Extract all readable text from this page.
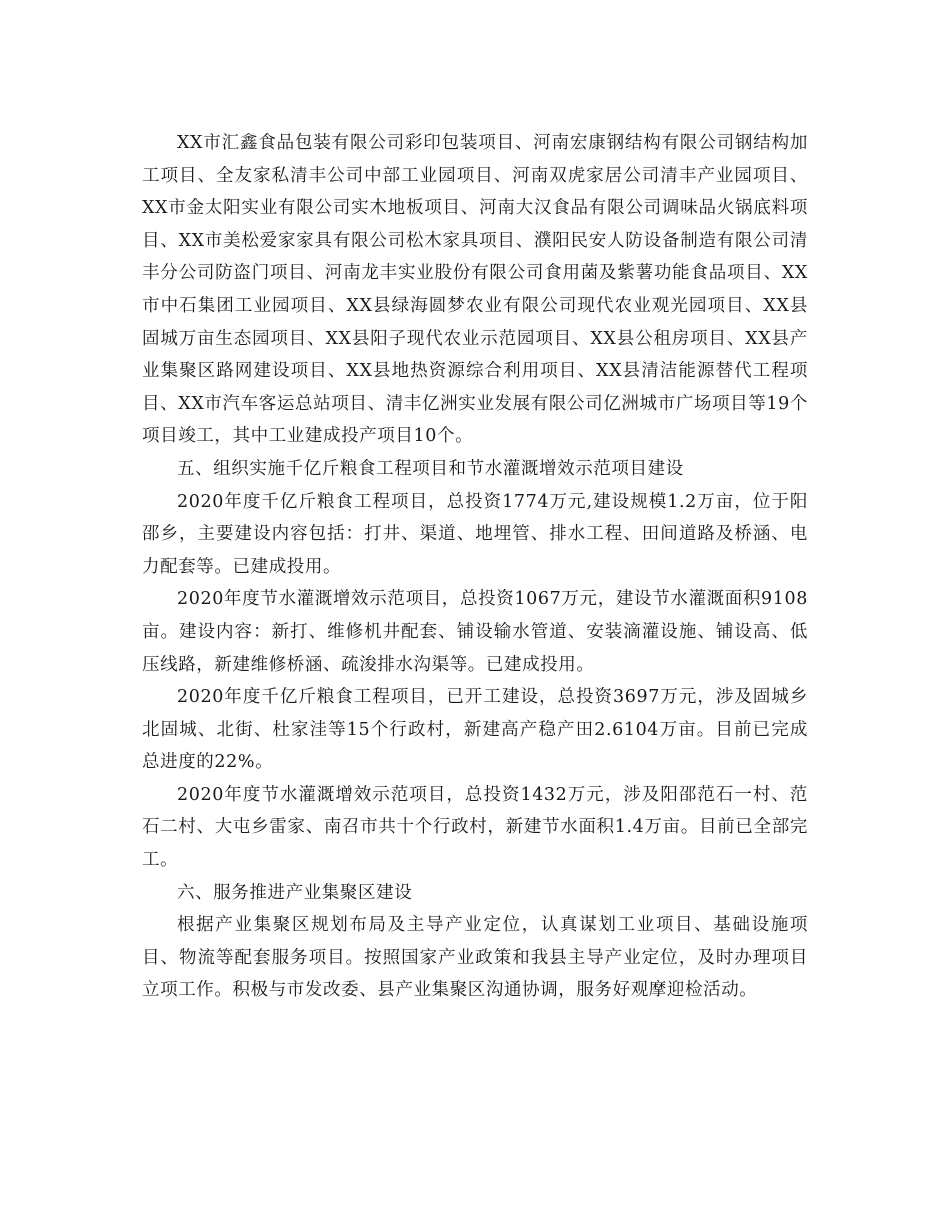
XX市汇鑫食品包装有限公司彩印包装项目、河南宏康钢结构有限公司钢结构加工项目、全友家私清丰公司中部工业园项目、河南双虎家居公司清丰产业园项目、XX市金太阳实业有限公司实木地板项目、河南大汉食品有限公司调味品火锅底料项目、XX市美松爱家家具有限公司松木家具项目、濮阳民安人防设备制造有限公司清丰分公司防盗门项目、河南龙丰实业股份有限公司食用菌及紫薯功能食品项目、XX市中石集团工业园项目、XX县绿海圆梦农业有限公司现代农业观光园项目、XX县固城万亩生态园项目、XX县阳子现代农业示范园项目、XX县公租房项目、XX县产业集聚区路网建设项目、XX县地热资源综合利用项目、XX县清洁能源替代工程项目、XX市汽车客运总站项目、清丰亿洲实业发展有限公司亿洲城市广场项目等19个项目竣工，其中工业建成投产项目10个。

五、组织实施千亿斤粮食工程项目和节水灌溉增效示范项目建设

2020年度千亿斤粮食工程项目，总投资1774万元,建设规模1.2万亩，位于阳邵乡，主要建设内容包括：打井、渠道、地埋管、排水工程、田间道路及桥涵、电力配套等。已建成投用。

2020年度节水灌溉增效示范项目，总投资1067万元，建设节水灌溉面积9108亩。建设内容：新打、维修机井配套、铺设输水管道、安装滴灌设施、铺设高、低压线路，新建维修桥涵、疏浚排水沟渠等。已建成投用。

2020年度千亿斤粮食工程项目，已开工建设，总投资3697万元，涉及固城乡北固城、北街、杜家洼等15个行政村，新建高产稳产田2.6104万亩。目前已完成总进度的22%。

2020年度节水灌溉增效示范项目，总投资1432万元，涉及阳邵范石一村、范石二村、大屯乡雷家、南召市共十个行政村，新建节水面积1.4万亩。目前已全部完工。

六、服务推进产业集聚区建设

根据产业集聚区规划布局及主导产业定位，认真谋划工业项目、基础设施项目、物流等配套服务项目。按照国家产业政策和我县主导产业定位，及时办理项目立项工作。积极与市发改委、县产业集聚区沟通协调，服务好观摩迎检活动。
